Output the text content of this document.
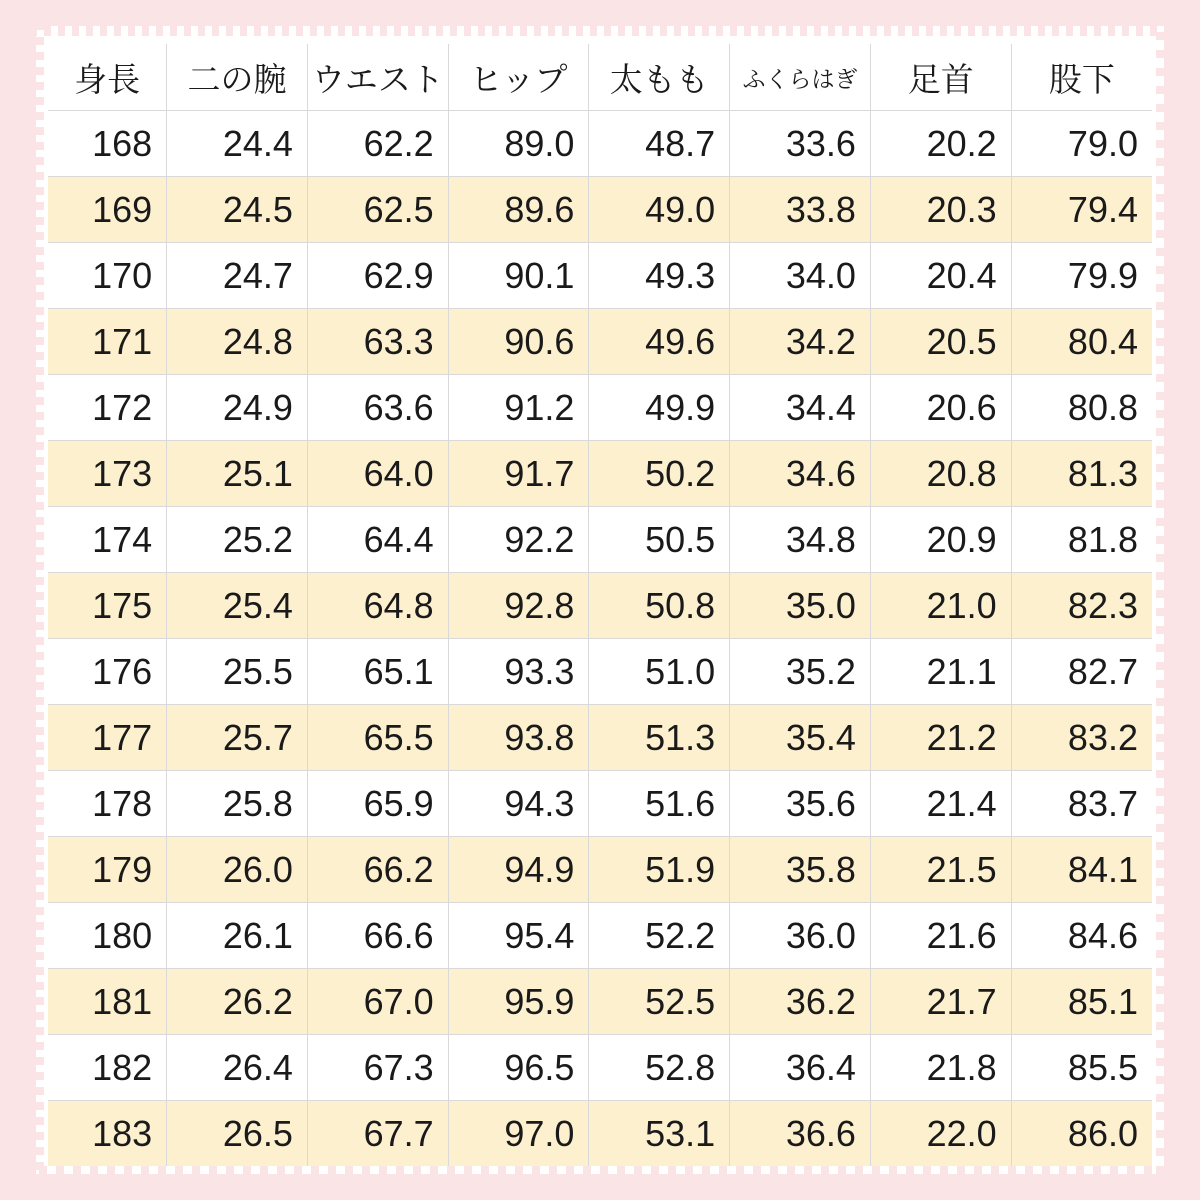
身長	二の腕	ウエスト	ヒップ	太もも	ふくらはぎ	足首	股下
168	24.4	62.2	89.0	48.7	33.6	20.2	79.0
169	24.5	62.5	89.6	49.0	33.8	20.3	79.4
170	24.7	62.9	90.1	49.3	34.0	20.4	79.9
171	24.8	63.3	90.6	49.6	34.2	20.5	80.4
172	24.9	63.6	91.2	49.9	34.4	20.6	80.8
173	25.1	64.0	91.7	50.2	34.6	20.8	81.3
174	25.2	64.4	92.2	50.5	34.8	20.9	81.8
175	25.4	64.8	92.8	50.8	35.0	21.0	82.3
176	25.5	65.1	93.3	51.0	35.2	21.1	82.7
177	25.7	65.5	93.8	51.3	35.4	21.2	83.2
178	25.8	65.9	94.3	51.6	35.6	21.4	83.7
179	26.0	66.2	94.9	51.9	35.8	21.5	84.1
180	26.1	66.6	95.4	52.2	36.0	21.6	84.6
181	26.2	67.0	95.9	52.5	36.2	21.7	85.1
182	26.4	67.3	96.5	52.8	36.4	21.8	85.5
183	26.5	67.7	97.0	53.1	36.6	22.0	86.0
